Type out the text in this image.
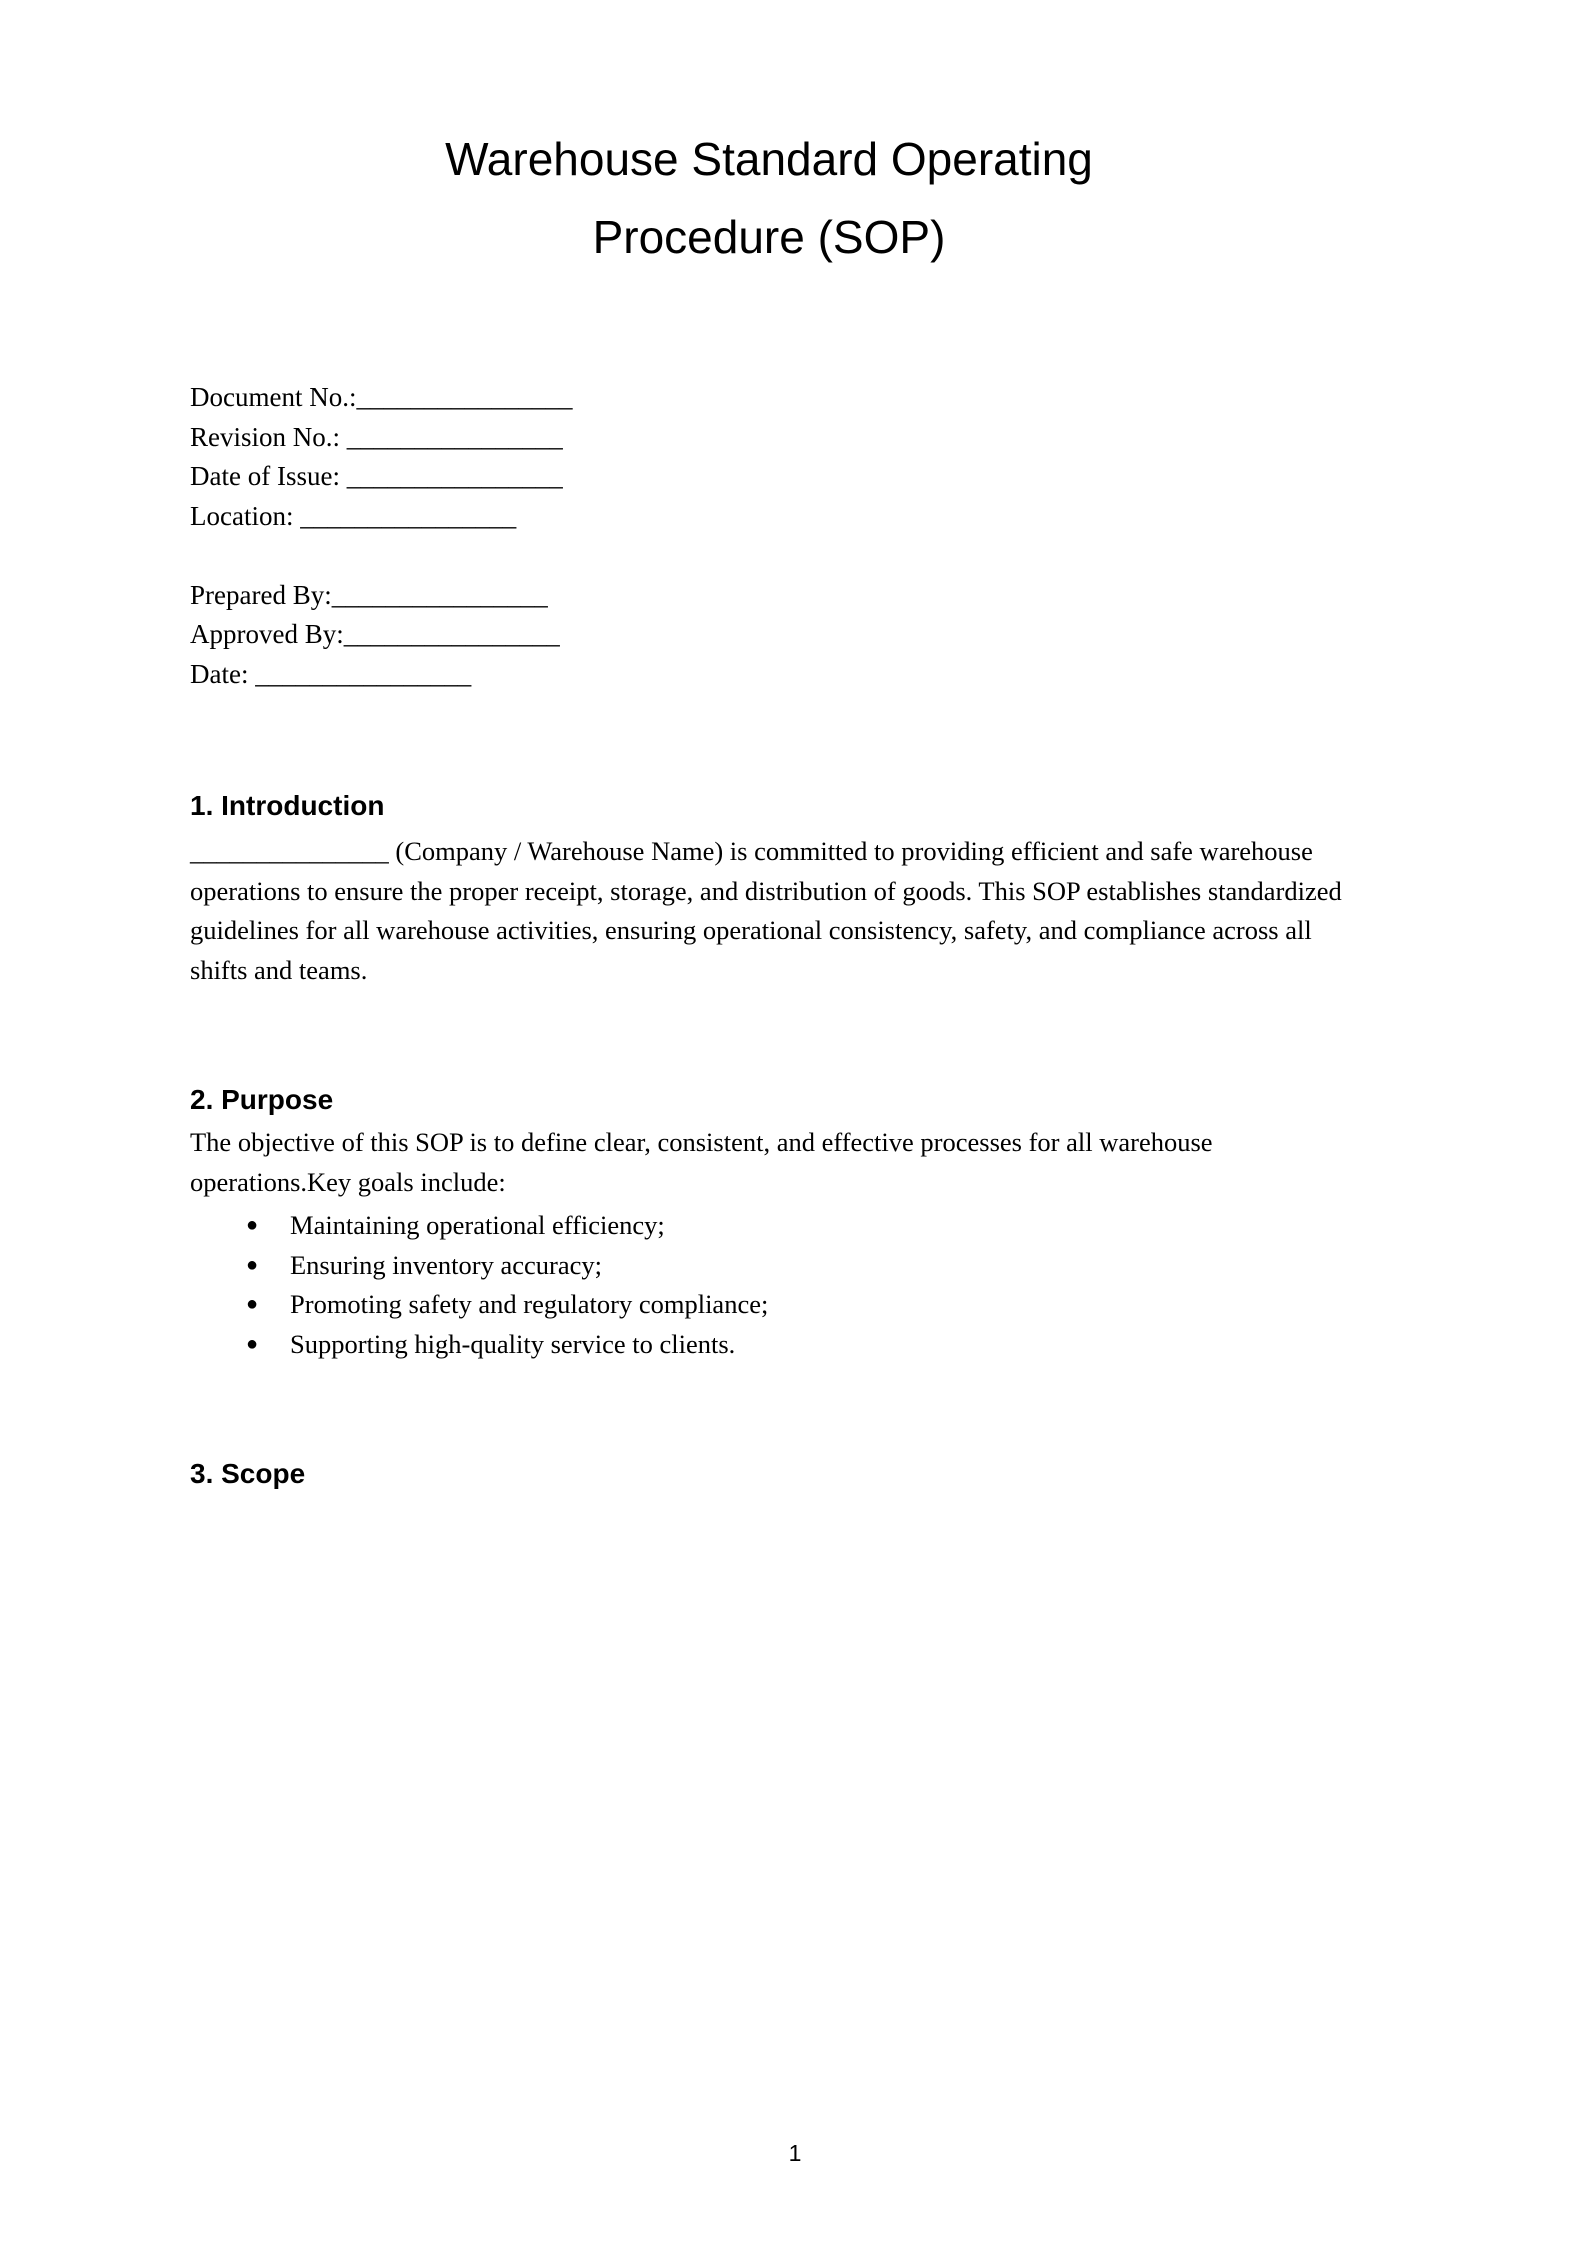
Warehouse Standard Operating
Procedure (SOP)
Document No.:________________
Revision No.: ________________
Date of Issue: ________________
Location: ________________
Prepared By:________________
Approved By:________________
Date: ________________
1. Introduction
_______________ (Company / Warehouse Name) is committed to providing efficient and safe warehouse operations to ensure the proper receipt, storage, and distribution of goods. This SOP establishes standardized guidelines for all warehouse activities, ensuring operational consistency, safety, and compliance across all shifts and teams.
2. Purpose
The objective of this SOP is to define clear, consistent, and effective processes for all warehouse operations.Key goals include:
● Maintaining operational efficiency;
● Ensuring inventory accuracy;
● Promoting safety and regulatory compliance;
● Supporting high-quality service to clients.
3. Scope
1
